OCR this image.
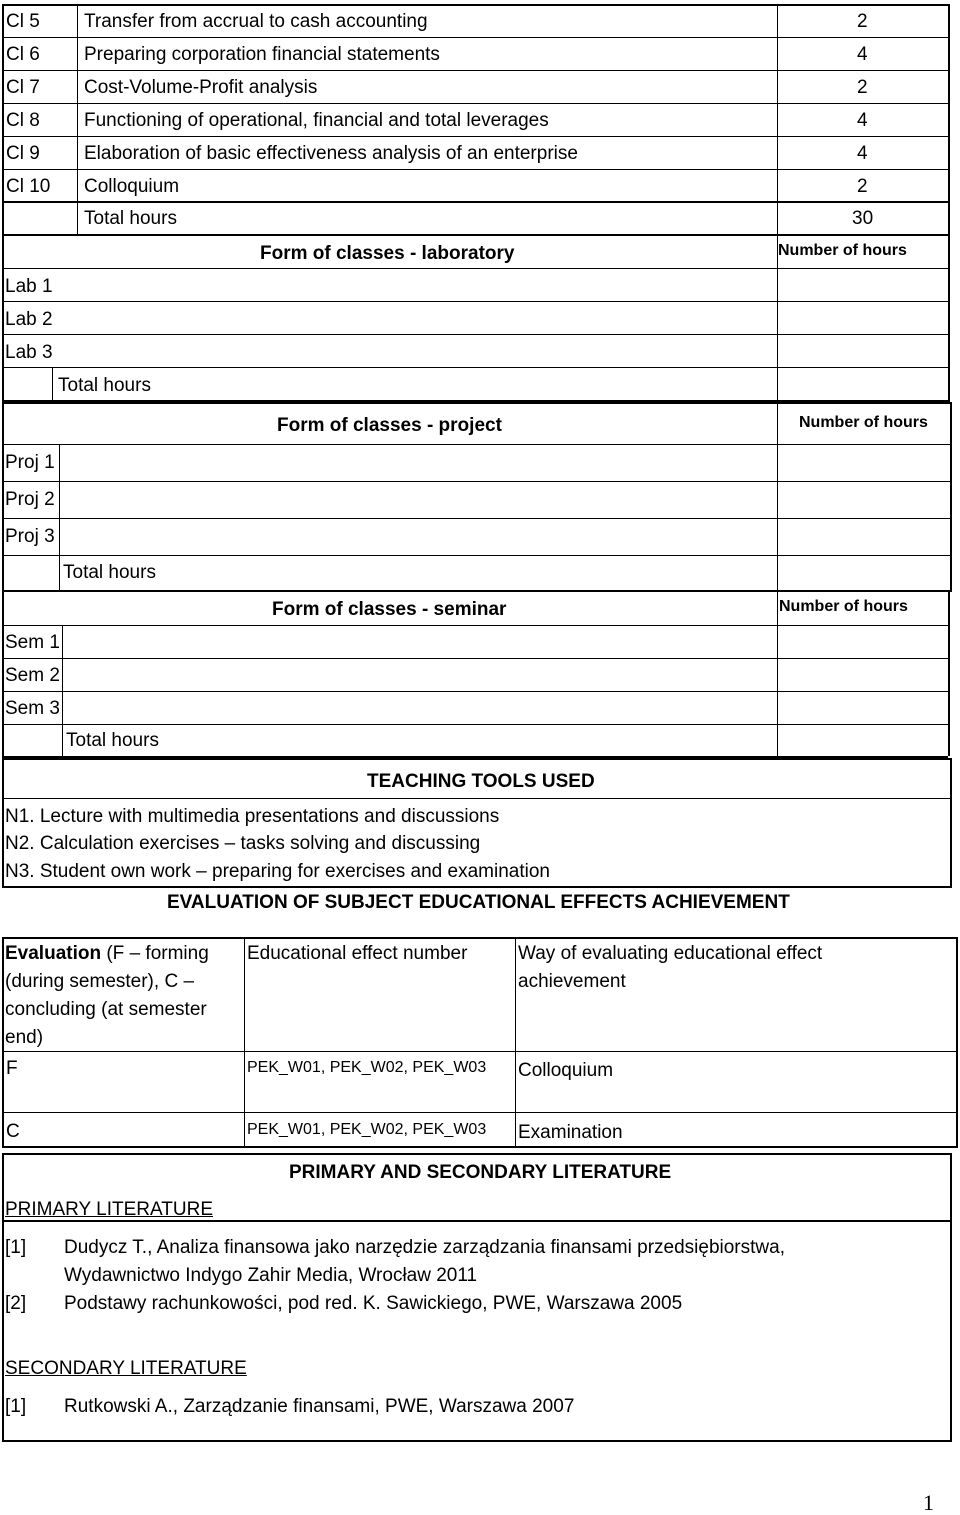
Cl 5 Transfer from accrual to cash accounting	2
Cl 6 Preparing corporation financial statements	4
Cl 7 Cost-Volume-Profit analysis	2
Cl 8 Functioning of operational, financial and total leverages	4
Cl 9 Elaboration of basic effectiveness analysis of an enterprise	4
Cl 10 Colloquium	2
Total hours	30
Form of classes - laboratory	Number of hours
Lab 1
Lab 2
Lab 3
Total hours
Form of classes - project	Number of hours
Proj 1
Proj 2
Proj 3
Total hours
Form of classes - seminar	Number of hours
Sem 1
Sem 2
Sem 3
Total hours
TEACHING TOOLS USED
N1. Lecture with multimedia presentations and discussions
N2. Calculation exercises – tasks solving and discussing
N3. Student own work – preparing for exercises and examination
EVALUATION OF SUBJECT EDUCATIONAL EFFECTS ACHIEVEMENT
Evaluation (F – forming (during semester), C – concluding (at semester end)
Educational effect number	Way of evaluating educational effect achievement
F	PEK_W01, PEK_W02, PEK_W03 Colloquium
C	PEK_W01, PEK_W02, PEK_W03 Examination
PRIMARY AND SECONDARY LITERATURE
PRIMARY LITERATURE
[1] Dudycz T., Analiza finansowa jako narzędzie zarządzania finansami przedsiębiorstwa,
Wydawnictwo Indygo Zahir Media, Wrocław 2011
[2] Podstawy rachunkowości, pod red. K. Sawickiego, PWE, Warszawa 2005
SECONDARY LITERATURE
[1] Rutkowski A., Zarządzanie finansami, PWE, Warszawa 2007
1
